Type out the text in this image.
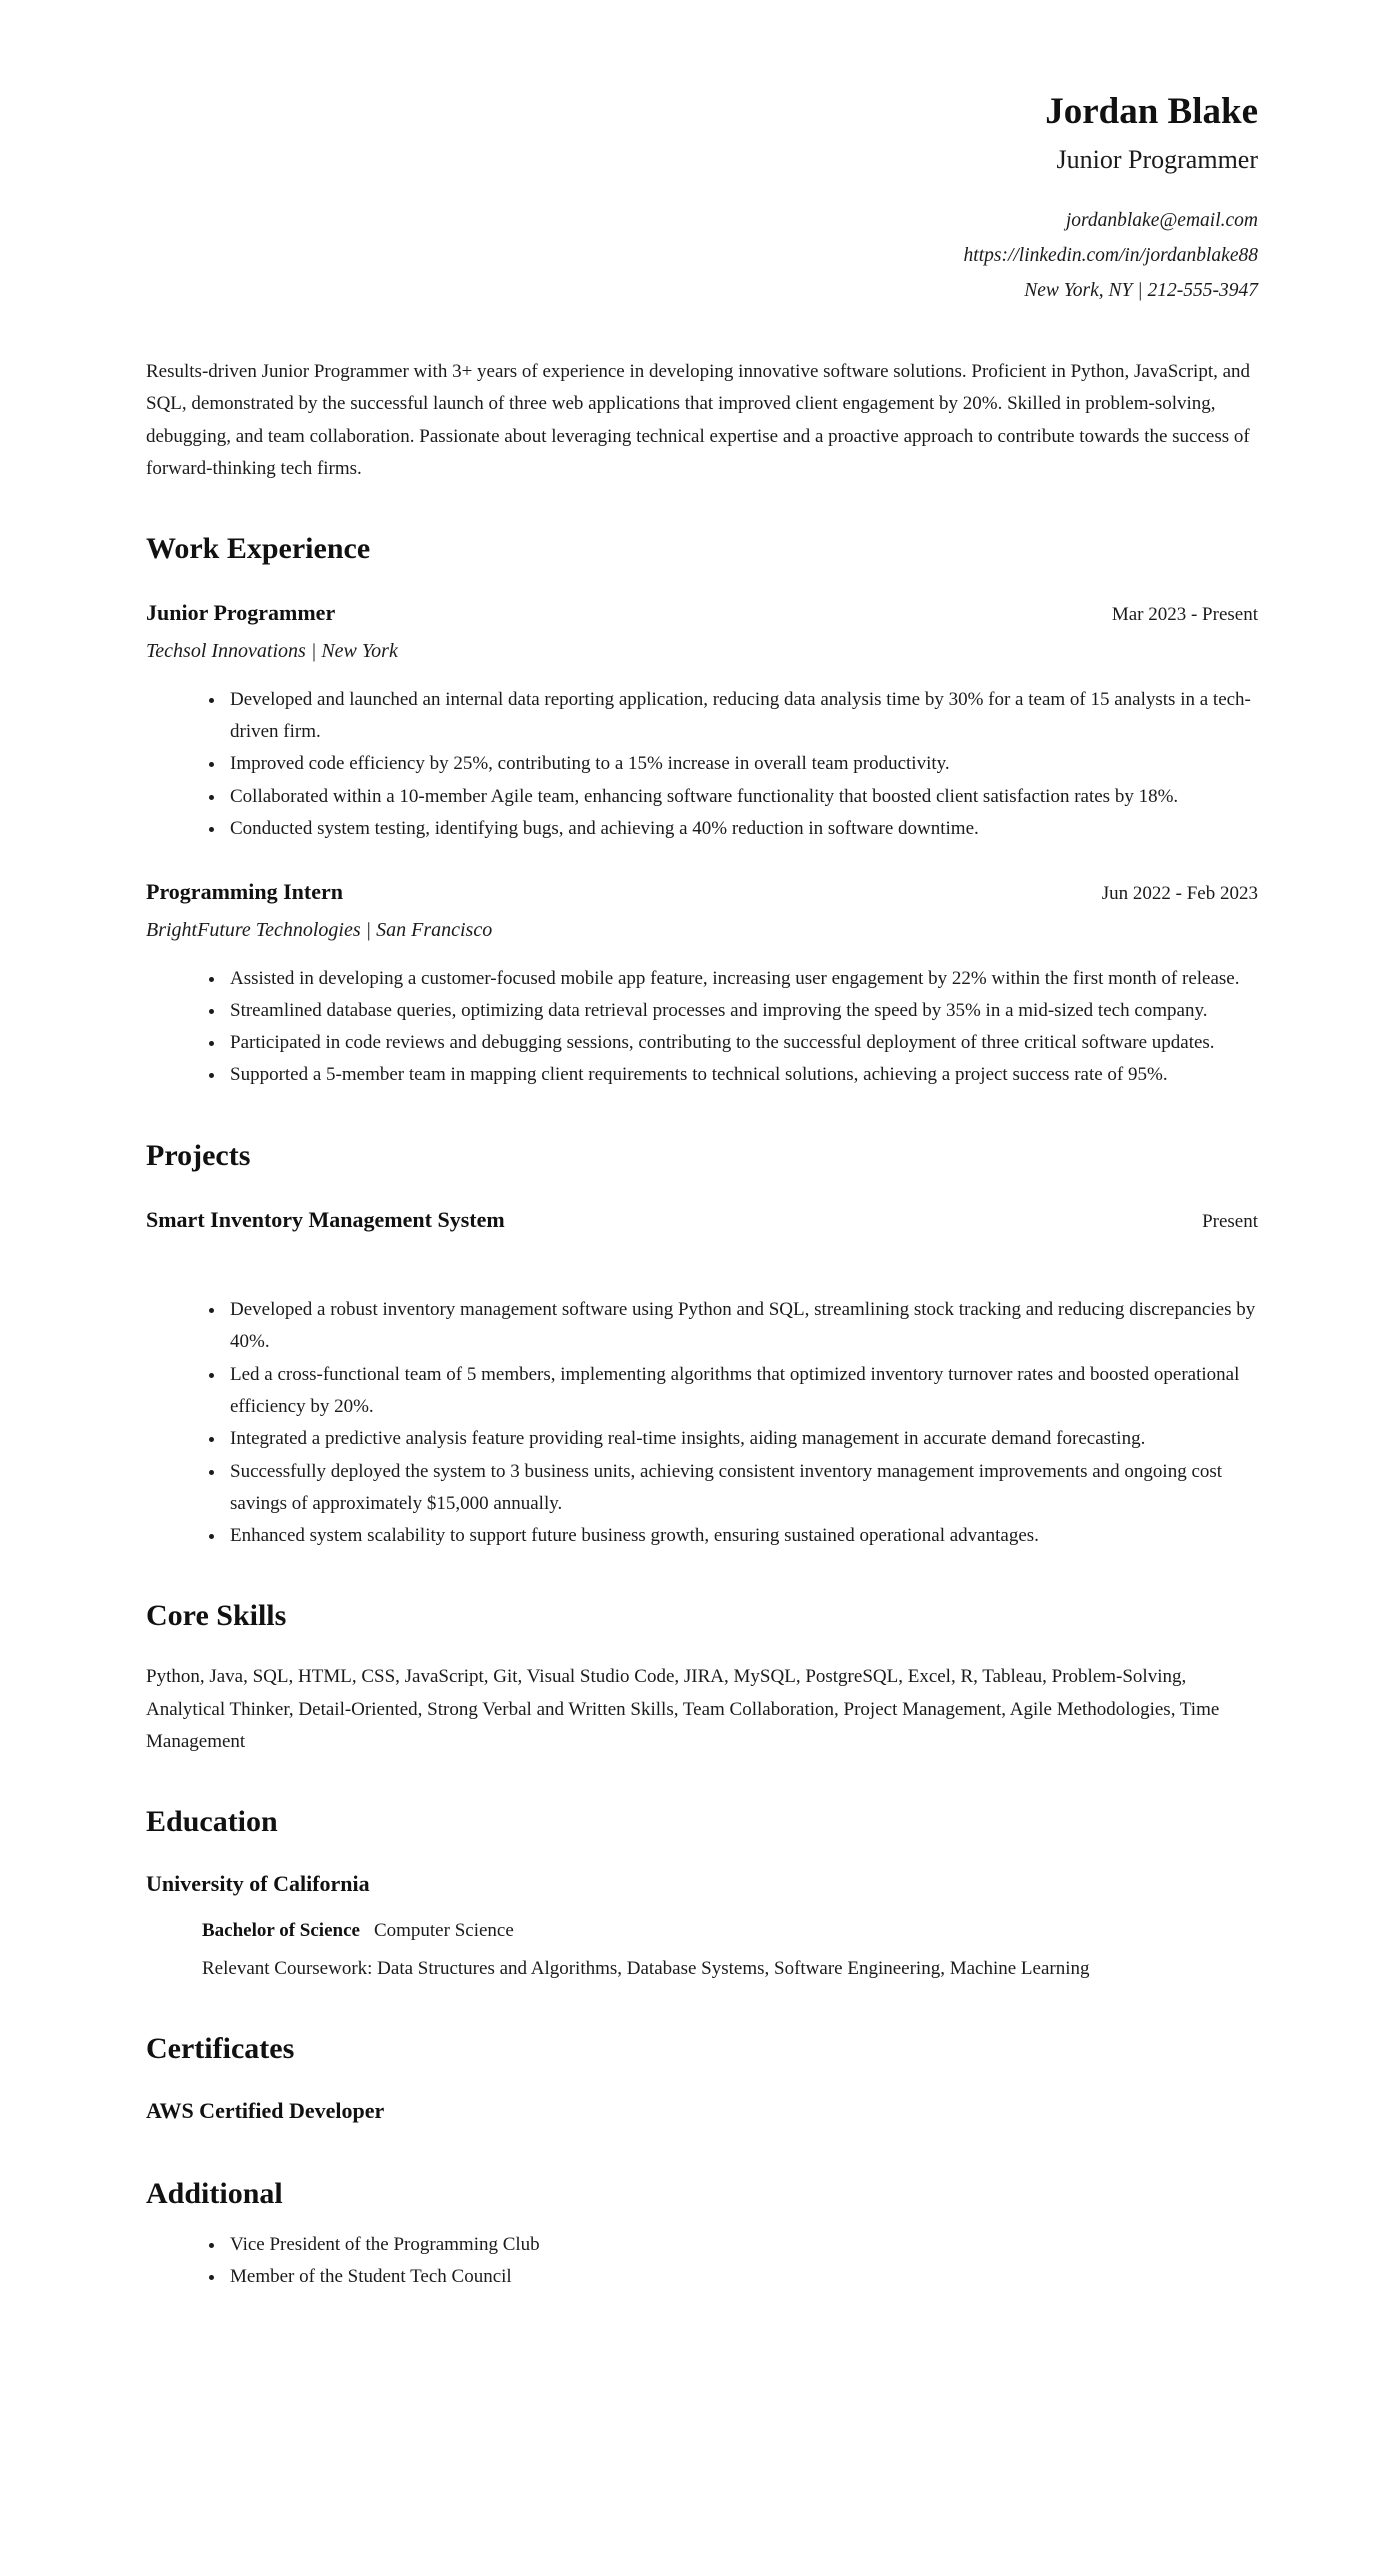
Jordan Blake
Junior Programmer
jordanblake@email.com
https://linkedin.com/in/jordanblake88
New York, NY | 212-555-3947

Results-driven Junior Programmer with 3+ years of experience in developing innovative software solutions. Proficient in Python, JavaScript, and SQL, demonstrated by the successful launch of three web applications that improved client engagement by 20%. Skilled in problem-solving, debugging, and team collaboration. Passionate about leveraging technical expertise and a proactive approach to contribute towards the success of forward-thinking tech firms.

Work Experience
Junior Programmer	Mar 2023 - Present
Techsol Innovations | New York
• Developed and launched an internal data reporting application, reducing data analysis time by 30% for a team of 15 analysts in a tech-driven firm.
• Improved code efficiency by 25%, contributing to a 15% increase in overall team productivity.
• Collaborated within a 10-member Agile team, enhancing software functionality that boosted client satisfaction rates by 18%.
• Conducted system testing, identifying bugs, and achieving a 40% reduction in software downtime.
Programming Intern	Jun 2022 - Feb 2023
BrightFuture Technologies | San Francisco
• Assisted in developing a customer-focused mobile app feature, increasing user engagement by 22% within the first month of release.
• Streamlined database queries, optimizing data retrieval processes and improving the speed by 35% in a mid-sized tech company.
• Participated in code reviews and debugging sessions, contributing to the successful deployment of three critical software updates.
• Supported a 5-member team in mapping client requirements to technical solutions, achieving a project success rate of 95%.
Projects
Smart Inventory Management System	Present
• Developed a robust inventory management software using Python and SQL, streamlining stock tracking and reducing discrepancies by 40%.
• Led a cross-functional team of 5 members, implementing algorithms that optimized inventory turnover rates and boosted operational efficiency by 20%.
• Integrated a predictive analysis feature providing real-time insights, aiding management in accurate demand forecasting.
• Successfully deployed the system to 3 business units, achieving consistent inventory management improvements and ongoing cost savings of approximately $15,000 annually.
• Enhanced system scalability to support future business growth, ensuring sustained operational advantages.
Core Skills

Python, Java, SQL, HTML, CSS, JavaScript, Git, Visual Studio Code, JIRA, MySQL, PostgreSQL, Excel, R, Tableau, Problem-Solving, Analytical Thinker, Detail-Oriented, Strong Verbal and Written Skills, Team Collaboration, Project Management, Agile Methodologies, Time Management

Education
University of California
Bachelor of Science Computer Science
Relevant Coursework: Data Structures and Algorithms, Database Systems, Software Engineering, Machine Learning
Certificates
AWS Certified Developer
Additional
• Vice President of the Programming Club
• Member of the Student Tech Council
